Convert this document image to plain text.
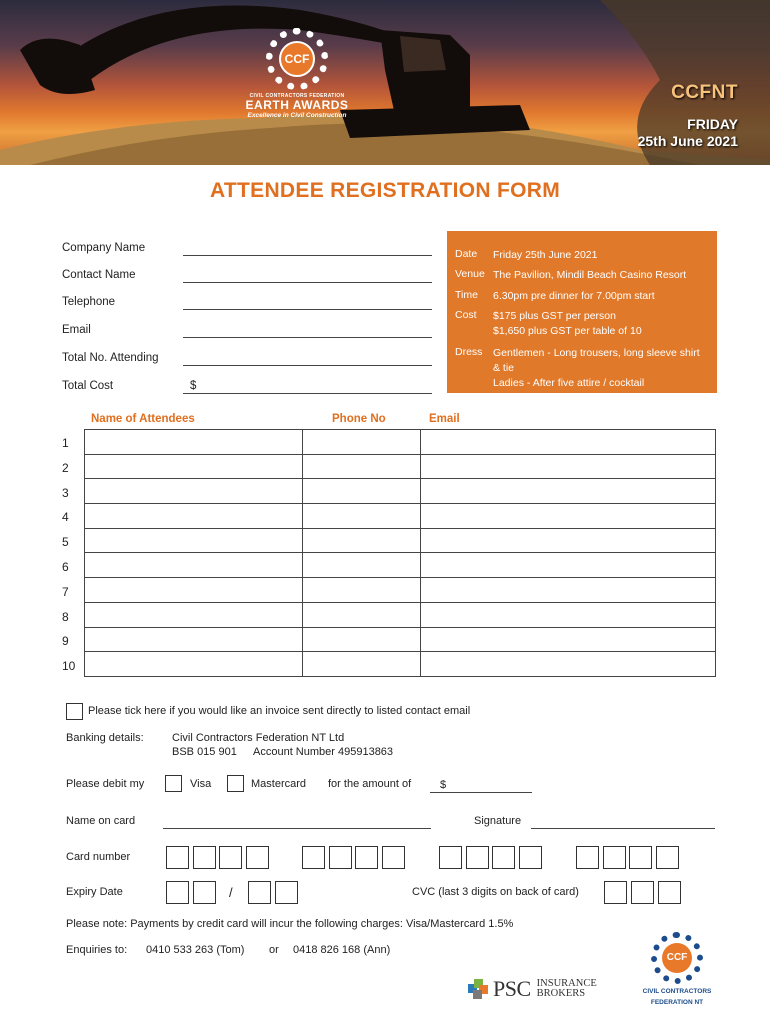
CCF
CIVIL CONTRACTORS FEDERATION
EARTH AWARDS
Excellence in Civil Construction
CCFNT
FRIDAY
25th June 2021
ATTENDEE REGISTRATION FORM
Company Name
Contact Name
Telephone
Email
Total No. Attending
Total Cost	$
Date	Friday 25th June 2021
Venue The Pavilion, Mindil Beach Casino Resort
Time	6.30pm pre dinner for 7.00pm start
Cost	$175 plus GST per person
$1,650 plus GST per table of 10
Dress	Gentlemen - Long trousers, long sleeve shirt & tie
Ladies - After five attire / cocktail
Name of Attendees	Phone No	Email

1
2
3
4
5
6
7
8
9
10
Please tick here if you would like an invoice sent directly to listed contact email
Banking details:	Civil Contractors Federation NT Ltd
BSB 015 901 Account Number 495913863
Please debit my	Visa	Mastercard for the amount of	$
Name on card	Signature
Card number
Expiry Date	/	CVC (last 3 digits on back of card)
Please note: Payments by credit card will incur the following charges: Visa/Mastercard 1.5%
Enquiries to: 0410 533 263 (Tom) or 0418 826 168 (Ann)
PSC INSURANCE
BROKERS
CCF
CIVIL CONTRACTORS
FEDERATION NT
